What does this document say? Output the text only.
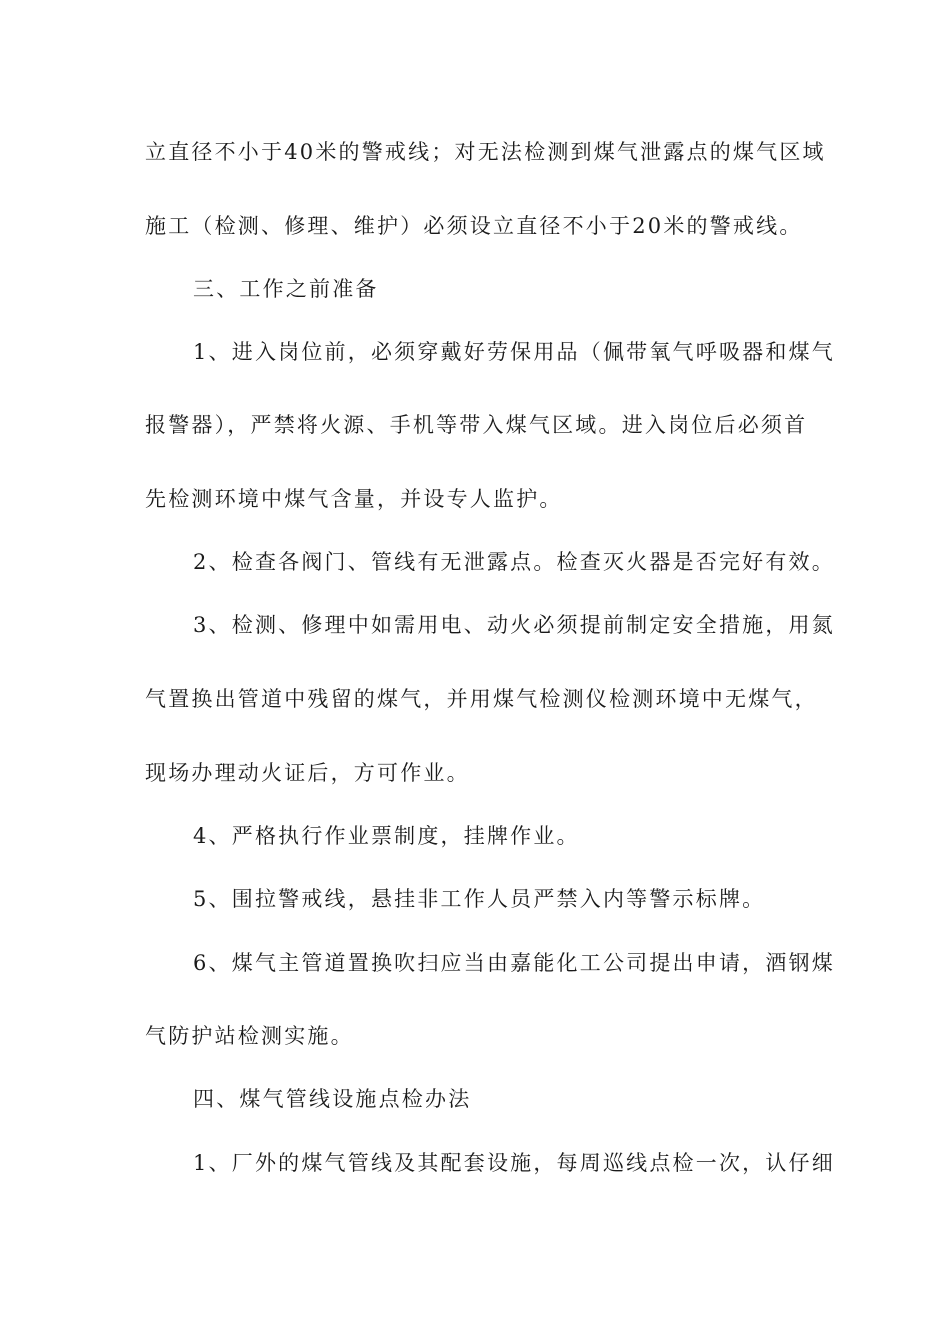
立直径不小于40米的警戒线；对无法检测到煤气泄露点的煤气区域
施工（检测、修理、维护）必须设立直径不小于20米的警戒线。
三、工作之前准备
1、进入岗位前，必须穿戴好劳保用品（佩带氧气呼吸器和煤气
报警器），严禁将火源、手机等带入煤气区域。进入岗位后必须首
先检测环境中煤气含量，并设专人监护。
2、检查各阀门、管线有无泄露点。检查灭火器是否完好有效。
3、检测、修理中如需用电、动火必须提前制定安全措施，用氮
气置换出管道中残留的煤气，并用煤气检测仪检测环境中无煤气，
现场办理动火证后，方可作业。
4、严格执行作业票制度，挂牌作业。
5、围拉警戒线，悬挂非工作人员严禁入内等警示标牌。
6、煤气主管道置换吹扫应当由嘉能化工公司提出申请，酒钢煤
气防护站检测实施。
四、煤气管线设施点检办法
1、厂外的煤气管线及其配套设施，每周巡线点检一次，认仔细
